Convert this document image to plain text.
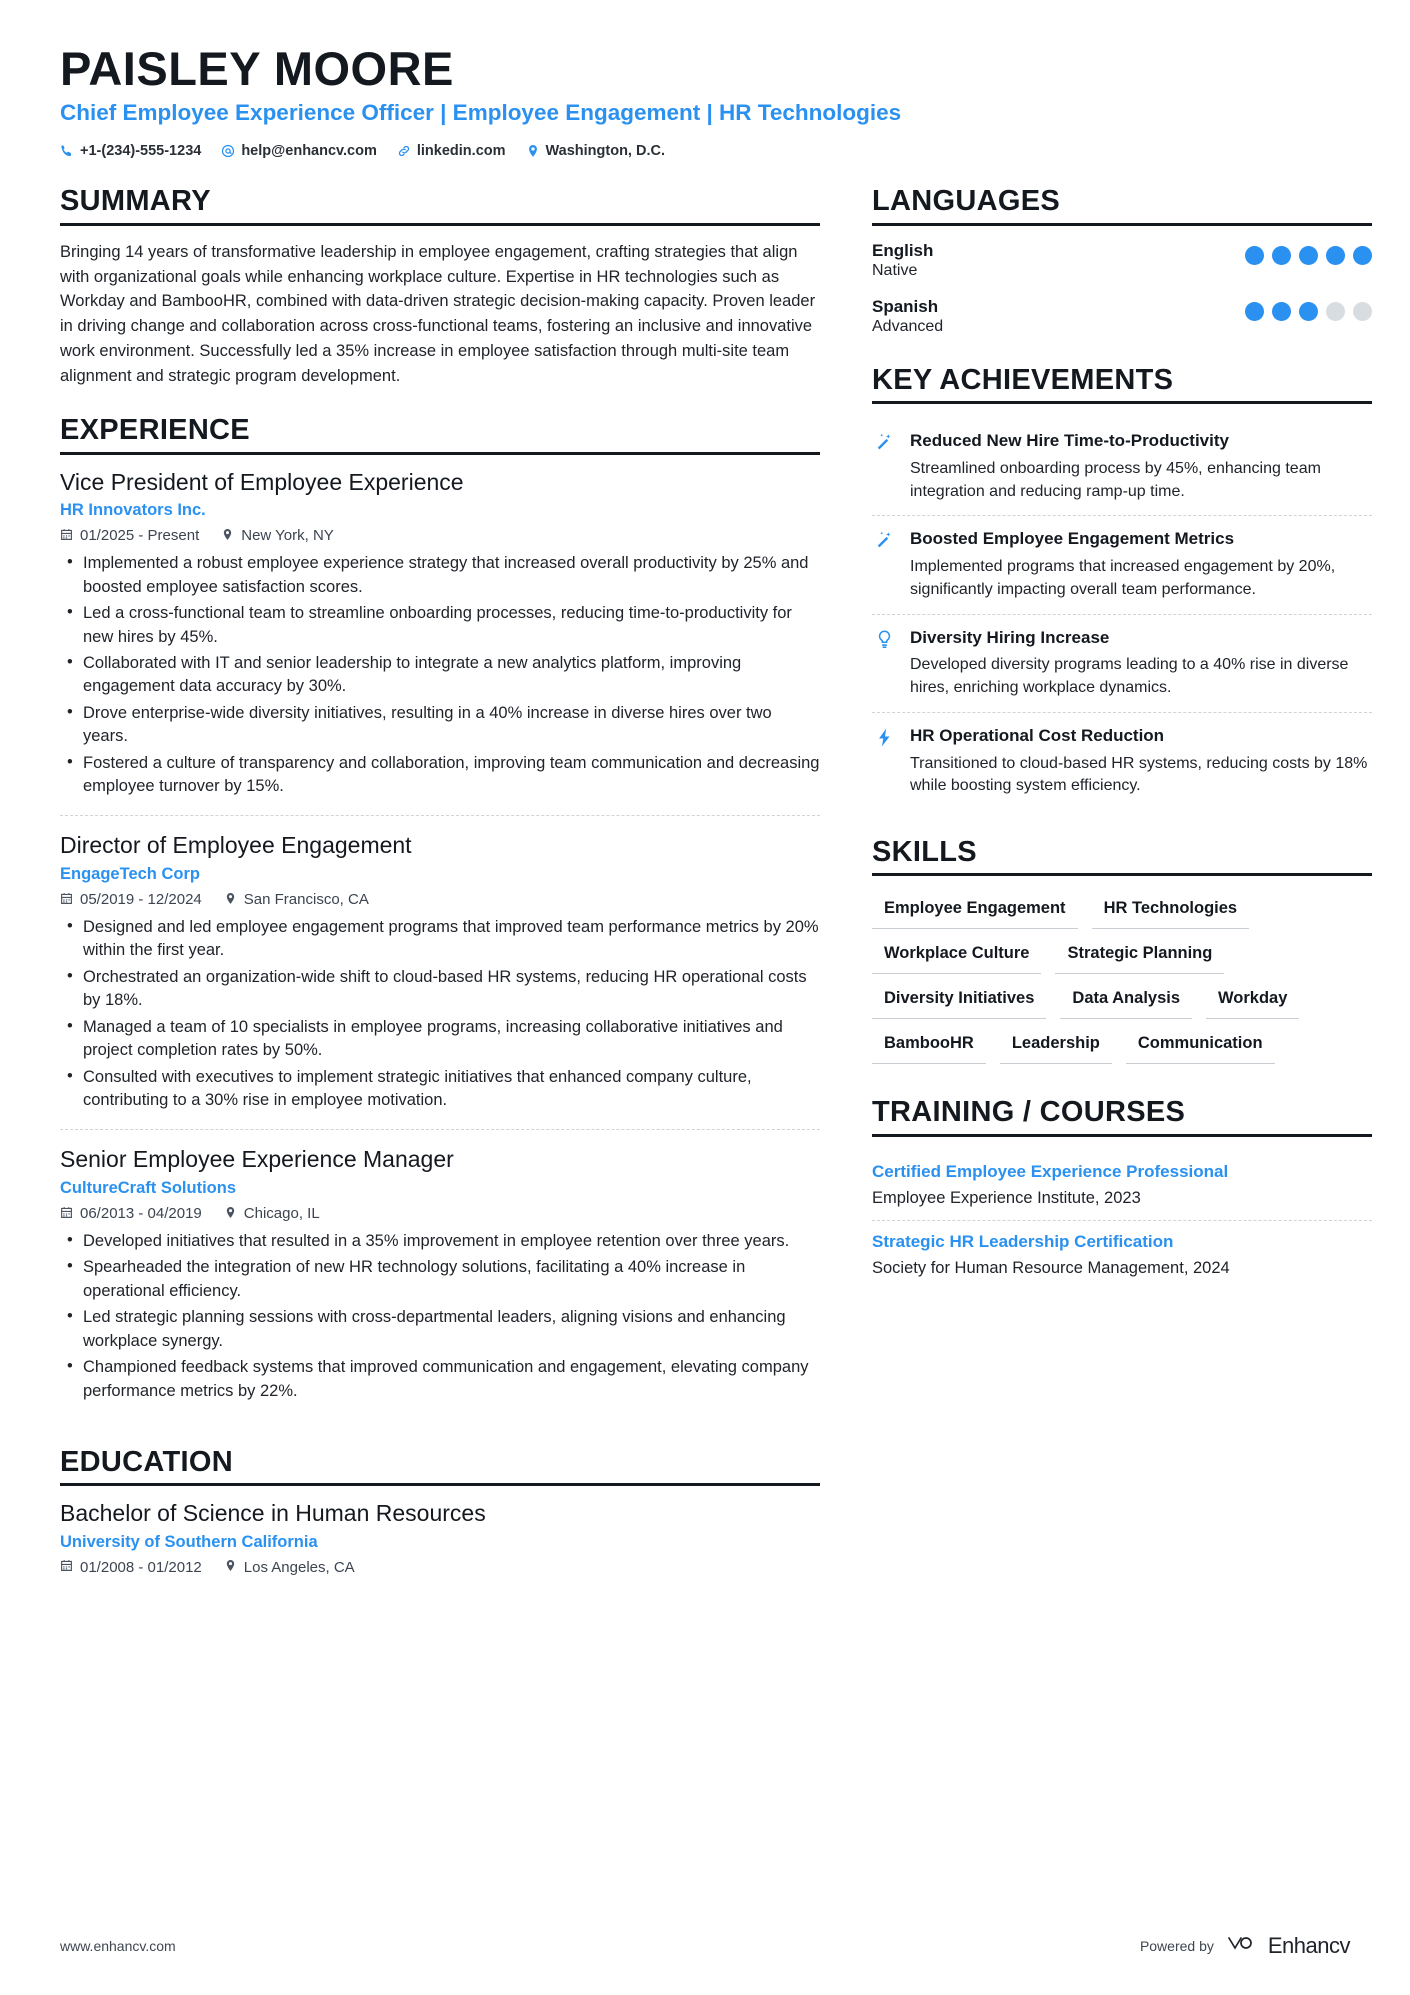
PAISLEY MOORE
Chief Employee Experience Officer | Employee Engagement | HR Technologies
+1-(234)-555-1234	help@enhancv.com	linkedin.com	Washington, D.C.
SUMMARY
Bringing 14 years of transformative leadership in employee engagement, crafting strategies that align with organizational goals while enhancing workplace culture. Expertise in HR technologies such as Workday and BambooHR, combined with data-driven strategic decision-making capacity. Proven leader in driving change and collaboration across cross-functional teams, fostering an inclusive and innovative work environment. Successfully led a 35% increase in employee satisfaction through multi-site team alignment and strategic program development.
EXPERIENCE
Vice President of Employee Experience
HR Innovators Inc.
01/2025 - Present	New York, NY
• Implemented a robust employee experience strategy that increased overall productivity by 25% and boosted employee satisfaction scores.
• Led a cross-functional team to streamline onboarding processes, reducing time-to-productivity for new hires by 45%.
• Collaborated with IT and senior leadership to integrate a new analytics platform, improving engagement data accuracy by 30%.
• Drove enterprise-wide diversity initiatives, resulting in a 40% increase in diverse hires over two years.
• Fostered a culture of transparency and collaboration, improving team communication and decreasing employee turnover by 15%.
Director of Employee Engagement
EngageTech Corp
05/2019 - 12/2024	San Francisco, CA
• Designed and led employee engagement programs that improved team performance metrics by 20% within the first year.
• Orchestrated an organization-wide shift to cloud-based HR systems, reducing HR operational costs by 18%.
• Managed a team of 10 specialists in employee programs, increasing collaborative initiatives and project completion rates by 50%.
• Consulted with executives to implement strategic initiatives that enhanced company culture, contributing to a 30% rise in employee motivation.
Senior Employee Experience Manager
CultureCraft Solutions
06/2013 - 04/2019	Chicago, IL
• Developed initiatives that resulted in a 35% improvement in employee retention over three years.
• Spearheaded the integration of new HR technology solutions, facilitating a 40% increase in operational efficiency.
• Led strategic planning sessions with cross-departmental leaders, aligning visions and enhancing workplace synergy.
• Championed feedback systems that improved communication and engagement, elevating company performance metrics by 22%.
EDUCATION
Bachelor of Science in Human Resources
University of Southern California
01/2008 - 01/2012	Los Angeles, CA
LANGUAGES
English
Native
Spanish
Advanced
KEY ACHIEVEMENTS
Reduced New Hire Time-to-Productivity
Streamlined onboarding process by 45%, enhancing team integration and reducing ramp-up time.
Boosted Employee Engagement Metrics
Implemented programs that increased engagement by 20%, significantly impacting overall team performance.
Diversity Hiring Increase
Developed diversity programs leading to a 40% rise in diverse hires, enriching workplace dynamics.
HR Operational Cost Reduction
Transitioned to cloud-based HR systems, reducing costs by 18% while boosting system efficiency.
SKILLS
Employee Engagement	HR Technologies
Workplace Culture	Strategic Planning
Diversity Initiatives	Data Analysis	Workday
BambooHR	Leadership	Communication
TRAINING / COURSES
Certified Employee Experience Professional
Employee Experience Institute, 2023
Strategic HR Leadership Certification
Society for Human Resource Management, 2024
www.enhancv.com	Powered by Enhancv
